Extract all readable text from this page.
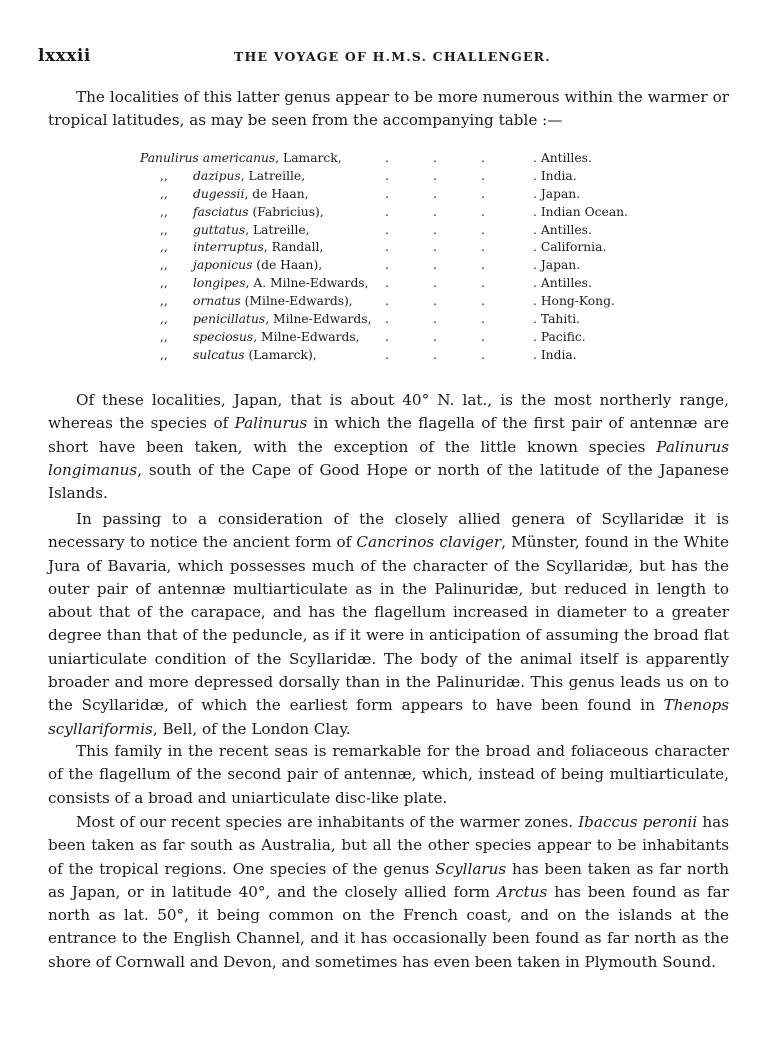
lxxxii	THE VOYAGE OF H.M.S. CHALLENGER.

The localities of this latter genus appear to be more numerous within the warmer or tropical latitudes, as may be seen from the accompanying table :—

Panulirus americanus, Lamarck,	.	.	.	. Antilles.
,, dazipus, Latreille,	.	.	.	. India.
,, dugessii, de Haan,	.	.	.	. Japan.
,, fasciatus (Fabricius),	.	.	.	. Indian Ocean.
,, guttatus, Latreille,	.	.	.	. Antilles.
,, interruptus, Randall,	.	.	.	. California.
,, japonicus (de Haan),	.	.	.	. Japan.
,, longipes, A. Milne-Edwards, .	.	.	. Antilles.
,, ornatus (Milne-Edwards),	.	.	.	. Hong-Kong.
,, penicillatus, Milne-Edwards, .	.	.	. Tahiti.
,, speciosus, Milne-Edwards, .	.	.	. Pacific.
,, sulcatus (Lamarck),	.	.	.	. India.

Of these localities, Japan, that is about 40° N. lat., is the most northerly range, whereas the species of Palinurus in which the flagella of the first pair of antennæ are short have been taken, with the exception of the little known species Palinurus longimanus, south of the Cape of Good Hope or north of the latitude of the Japanese Islands.

In passing to a consideration of the closely allied genera of Scyllaridæ it is necessary to notice the ancient form of Cancrinos claviger, Münster, found in the White Jura of Bavaria, which possesses much of the character of the Scyllaridæ, but has the outer pair of antennæ multiarticulate as in the Palinuridæ, but reduced in length to about that of the carapace, and has the flagellum increased in diameter to a greater degree than that of the peduncle, as if it were in anticipation of assuming the broad flat uniarticulate condition of the Scyllaridæ. The body of the animal itself is apparently broader and more depressed dorsally than in the Palinuridæ. This genus leads us on to the Scyllaridæ, of which the earliest form appears to have been found in Thenops scyllariformis, Bell, of the London Clay.

This family in the recent seas is remarkable for the broad and foliaceous character of the flagellum of the second pair of antennæ, which, instead of being multiarticulate, consists of a broad and uniarticulate disc-like plate.

Most of our recent species are inhabitants of the warmer zones. Ibaccus peronii has been taken as far south as Australia, but all the other species appear to be inhabitants of the tropical regions. One species of the genus Scyllarus has been taken as far north as Japan, or in latitude 40°, and the closely allied form Arctus has been found as far north as lat. 50°, it being common on the French coast, and on the islands at the entrance to the English Channel, and it has occasionally been found as far north as the shore of Cornwall and Devon, and sometimes has even been taken in Plymouth Sound.
